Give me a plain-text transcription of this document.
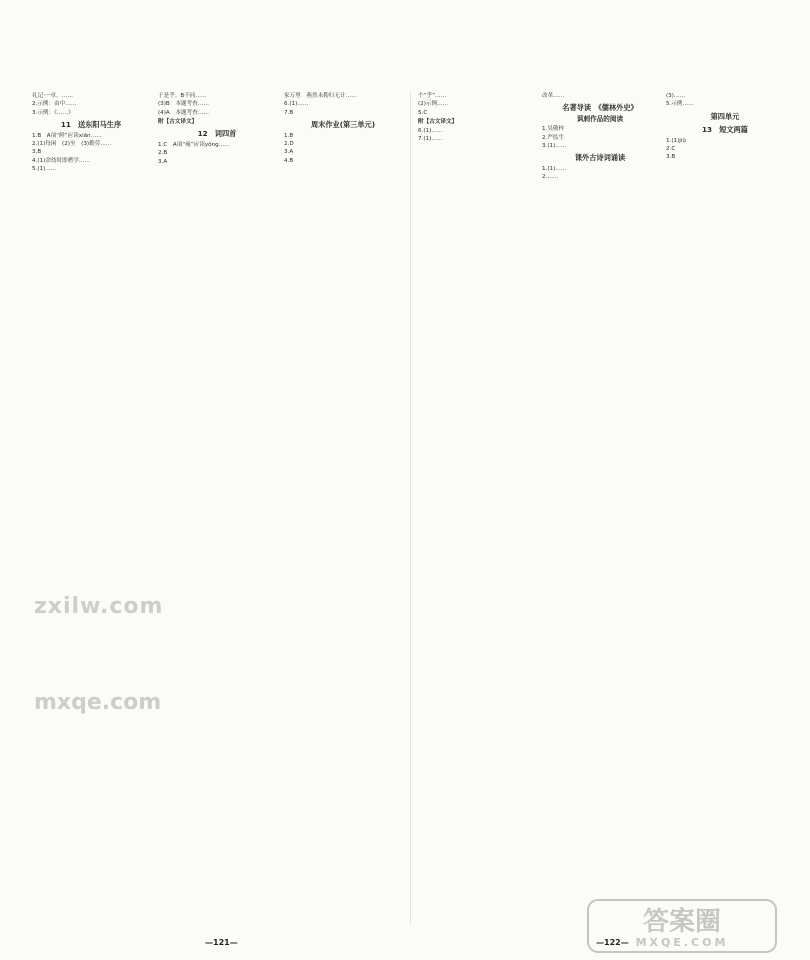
礼记·一章。……

2.示例：由中……

3.示例：《……》

11　送东阳马生序

1.B　A项“鲜”应读xiān……

2.(1)每闲　(2)至　(3)勤劳……

3.B

4.(1)余幼时即嗜学……

5.(1)……

于是乎。B不同……

(3)B　本题考查……

(4)A　本题考查……

附【古文译文】
12　词四首

1.C　A项“雍”应读yōng……

2.B

3.A

家万里　燕然未勒归无计……

6.(1)……

7.B

周末作业(第三单元)

1.B

2.D

3.A

4.B

个“乎”……

(2)示例……

5.C

附【古文译文】

6.(1)……

7.(1)……

改革……

名著导读　《儒林外史》
讽刺作品的阅读

1.吴敬梓

2.严监生

3.(1)……

课外古诗词诵读

1.(1)……

2.……

(3)……

5.示例……

第四单元
13　短文两篇

1.(1)jiǔ

2.C

3.B

—121—	—122—
zxilw.com
mxqe.com
答案圈
MXQE.COM
